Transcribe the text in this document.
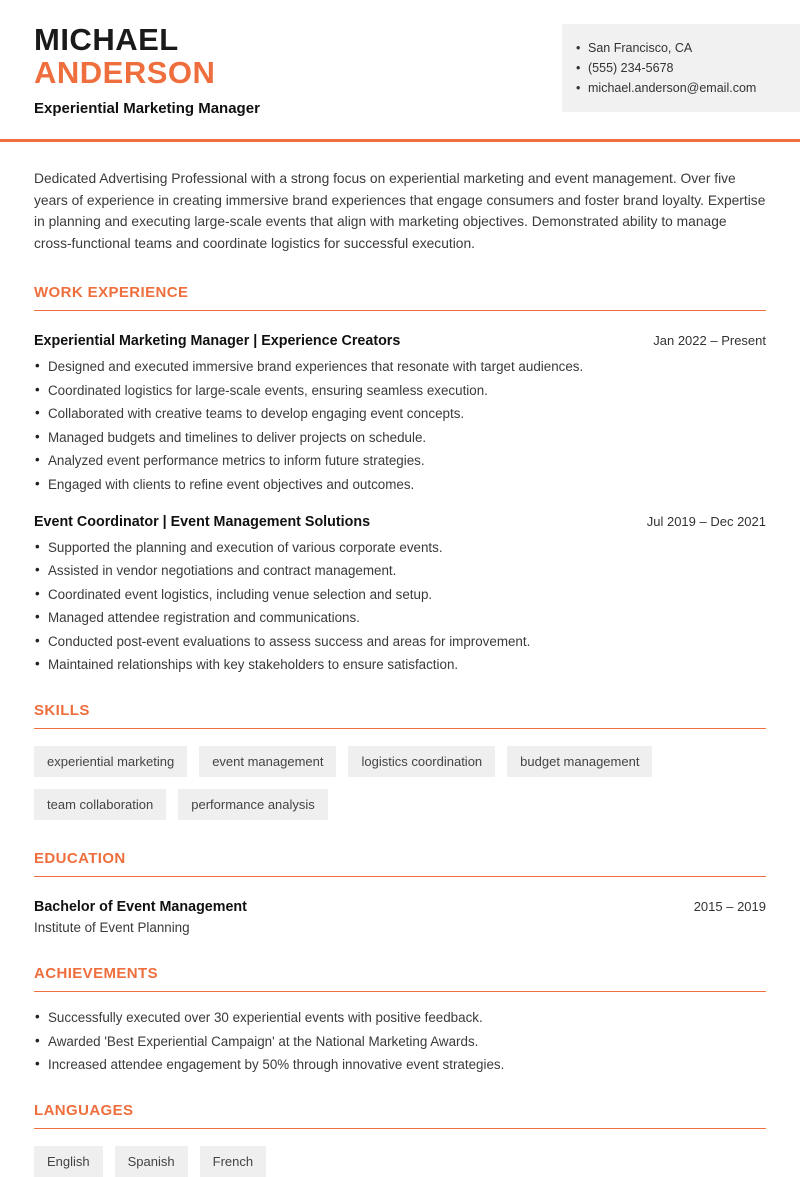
MICHAEL
ANDERSON
Experiential Marketing Manager
• San Francisco, CA
• (555) 234-5678
• michael.anderson@email.com

Dedicated Advertising Professional with a strong focus on experiential marketing and event management. Over five years of experience in creating immersive brand experiences that engage consumers and foster brand loyalty. Expertise in planning and executing large-scale events that align with marketing objectives. Demonstrated ability to manage cross-functional teams and coordinate logistics for successful execution.

WORK EXPERIENCE
Experiential Marketing Manager | Experience Creators	Jan 2022 – Present
• Designed and executed immersive brand experiences that resonate with target audiences.
• Coordinated logistics for large-scale events, ensuring seamless execution.
• Collaborated with creative teams to develop engaging event concepts.
• Managed budgets and timelines to deliver projects on schedule.
• Analyzed event performance metrics to inform future strategies.
• Engaged with clients to refine event objectives and outcomes.
Event Coordinator | Event Management Solutions	Jul 2019 – Dec 2021
• Supported the planning and execution of various corporate events.
• Assisted in vendor negotiations and contract management.
• Coordinated event logistics, including venue selection and setup.
• Managed attendee registration and communications.
• Conducted post-event evaluations to assess success and areas for improvement.
• Maintained relationships with key stakeholders to ensure satisfaction.
SKILLS
experiential marketing	event management	logistics coordination	budget management
team collaboration	performance analysis
EDUCATION
Bachelor of Event Management	2015 – 2019
Institute of Event Planning
ACHIEVEMENTS
• Successfully executed over 30 experiential events with positive feedback.
• Awarded 'Best Experiential Campaign' at the National Marketing Awards.
• Increased attendee engagement by 50% through innovative event strategies.
LANGUAGES
English	Spanish	French
